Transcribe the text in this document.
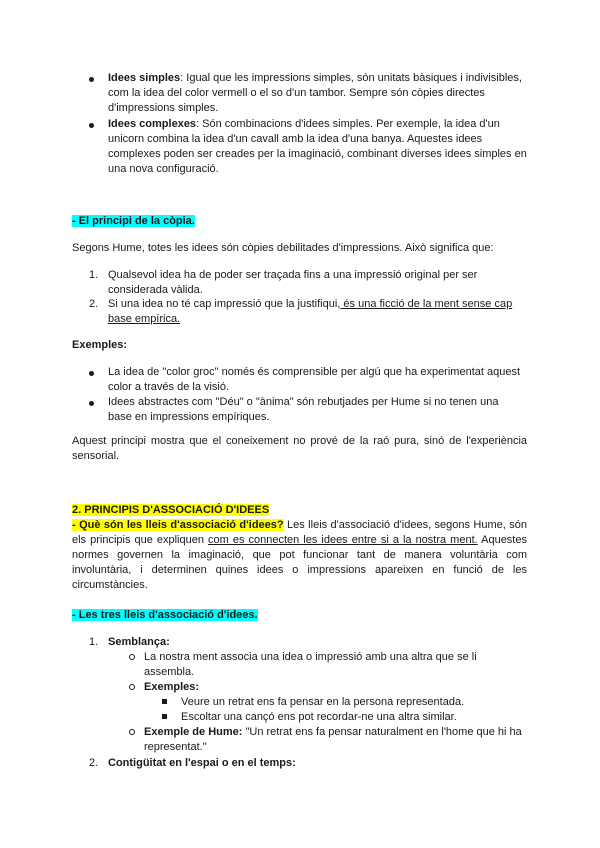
Idees simples: Igual que les impressions simples, són unitats bàsiques i indivisibles, com la idea del color vermell o el so d'un tambor. Sempre són còpies directes d'impressions simples.

Idees complexes: Són combinacions d'idees simples. Per exemple, la idea d'un unicorn combina la idea d'un cavall amb la idea d'una banya. Aquestes idees complexes poden ser creades per la imaginació, combinant diverses idees simples en una nova configuració.

- El principi de la còpia.

Segons Hume, totes les idees són còpies debilitades d'impressions. Això significa que:

1. Qualsevol idea ha de poder ser traçada fins a una impressió original per ser considerada vàlida.

2. Si una idea no té cap impressió que la justifiqui, és una ficció de la ment sense cap base empírica.

Exemples:

La idea de "color groc" només és comprensible per algú que ha experimentat aquest color a través de la visió.

Idees abstractes com "Déu" o "ànima" són rebutjades per Hume si no tenen una base en impressions empíriques.

Aquest principi mostra que el coneixement no prové de la raó pura, sinó de l'experiència sensorial.

2. PRINCIPIS D'ASSOCIACIÓ D'IDEES

- Què són les lleis d'associació d'idees? Les lleis d'associació d'idees, segons Hume, són els principis que expliquen com es connecten les idees entre si a la nostra ment. Aquestes normes governen la imaginació, que pot funcionar tant de manera voluntària com involuntària, i determinen quines idees o impressions apareixen en funció de les circumstàncies.

- Les tres lleis d'associació d'idees.

1. Semblança:

La nostra ment associa una idea o impressió amb una altra que se li assembla.

Exemples:

Veure un retrat ens fa pensar en la persona representada.

Escoltar una cançó ens pot recordar-ne una altra similar.

Exemple de Hume: "Un retrat ens fa pensar naturalment en l'home que hi ha representat."

2. Contigüitat en l'espai o en el temps:
